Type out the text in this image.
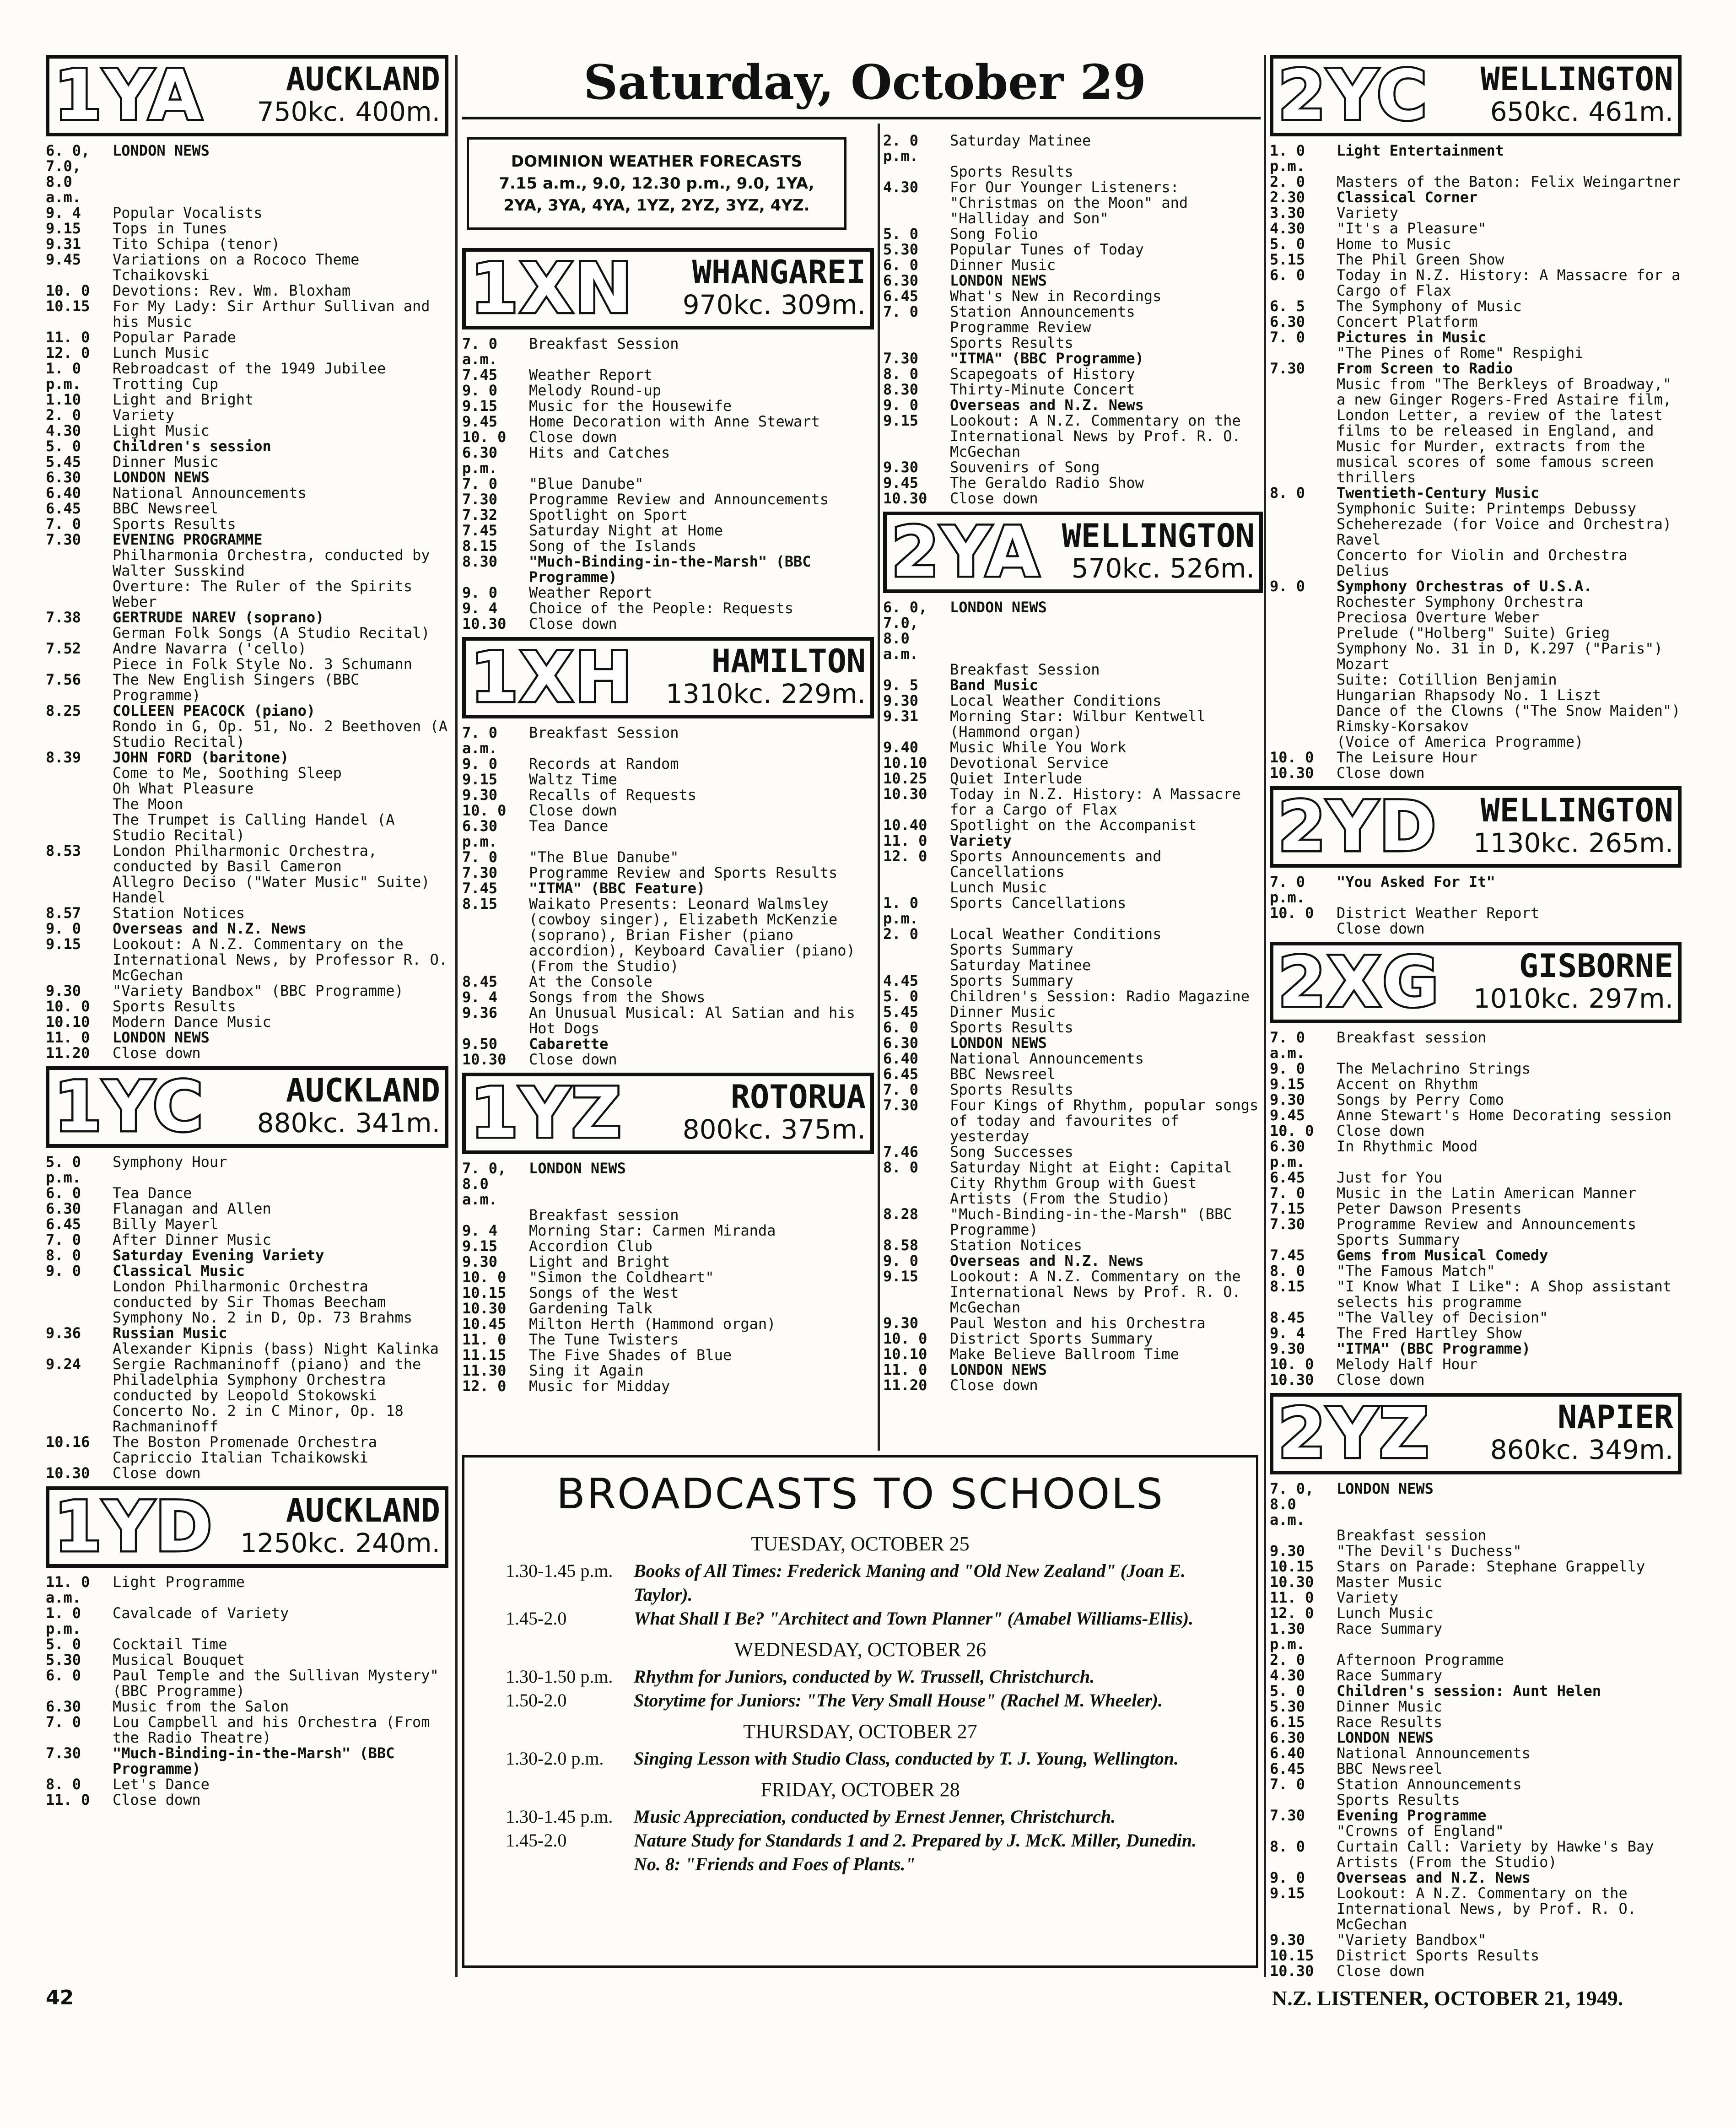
Saturday, October 29
1YA	AUCKLAND
750kc. 400m.
6. 0, 7.0, 8.0 a.m.
LONDON NEWS
9. 4	Popular Vocalists
9.15	Tops in Tunes
9.31	Tito Schipa (tenor)
9.45	Variations on a Rococo Theme Tchaikovski
10. 0	Devotions: Rev. Wm. Bloxham
10.15	For My Lady: Sir Arthur Sullivan and his Music
11. 0	Popular Parade
12. 0	Lunch Music
1. 0 p.m.
Rebroadcast of the 1949 Jubilee Trotting Cup
1.10	Light and Bright
2. 0	Variety
4.30	Light Music
5. 0	Children's session
5.45	Dinner Music
6.30	LONDON NEWS
6.40	National Announcements
6.45	BBC Newsreel
7. 0	Sports Results
7.30	EVENING PROGRAMME
Philharmonia Orchestra, conducted by Walter Susskind
Overture: The Ruler of the Spirits Weber
7.38	GERTRUDE NAREV (soprano)
German Folk Songs (A Studio Recital)
7.52	Andre Navarra ('cello)
Piece in Folk Style No. 3 Schumann
7.56	The New English Singers (BBC Programme)
8.25	COLLEEN PEACOCK (piano)
Rondo in G, Op. 51, No. 2 Beethoven (A Studio Recital)
8.39	JOHN FORD (baritone)
Come to Me, Soothing Sleep
Oh What Pleasure
The Moon
The Trumpet is Calling Handel (A Studio Recital)
8.53	London Philharmonic Orchestra, conducted by Basil Cameron
Allegro Deciso ("Water Music" Suite) Handel
8.57	Station Notices
9. 0	Overseas and N.Z. News
9.15	Lookout: A N.Z. Commentary on the International News, by Professor R. O. McGechan
9.30	"Variety Bandbox" (BBC Programme)
10. 0	Sports Results
10.10	Modern Dance Music
11. 0	LONDON NEWS
11.20	Close down
1YC	AUCKLAND
880kc. 341m.
5. 0 p.m.
Symphony Hour
6. 0	Tea Dance
6.30	Flanagan and Allen
6.45	Billy Mayerl
7. 0	After Dinner Music
8. 0	Saturday Evening Variety
9. 0	Classical Music
London Philharmonic Orchestra conducted by Sir Thomas Beecham
Symphony No. 2 in D, Op. 73 Brahms
9.36	Russian Music
Alexander Kipnis (bass) Night Kalinka
9.24	Sergie Rachmaninoff (piano) and the Philadelphia Symphony Orchestra conducted by Leopold Stokowski
Concerto No. 2 in C Minor, Op. 18 Rachmaninoff
10.16	The Boston Promenade Orchestra
Capriccio Italian Tchaikowski
10.30	Close down
1YD	AUCKLAND
1250kc. 240m.
11. 0 a.m.
Light Programme
1. 0 p.m.
Cavalcade of Variety
5. 0	Cocktail Time
5.30	Musical Bouquet
6. 0	Paul Temple and the Sullivan Mystery" (BBC Programme)
6.30	Music from the Salon
7. 0	Lou Campbell and his Orchestra (From the Radio Theatre)
7.30	"Much-Binding-in-the-Marsh" (BBC Programme)
8. 0	Let's Dance
11. 0	Close down
DOMINION WEATHER FORECASTS
7.15 a.m., 9.0, 12.30 p.m., 9.0, 1YA,
2YA, 3YA, 4YA, 1YZ, 2YZ, 3YZ, 4YZ.
1XN	WHANGAREI
970kc. 309m.
7. 0 a.m.
Breakfast Session
7.45	Weather Report
9. 0	Melody Round-up
9.15	Music for the Housewife
9.45	Home Decoration with Anne Stewart
10. 0	Close down
6.30 p.m.
Hits and Catches
7. 0	"Blue Danube"
7.30	Programme Review and Announcements
7.32	Spotlight on Sport
7.45	Saturday Night at Home
8.15	Song of the Islands
8.30	"Much-Binding-in-the-Marsh" (BBC Programme)
9. 0	Weather Report
9. 4	Choice of the People: Requests
10.30	Close down
1XH	HAMILTON
1310kc. 229m.
7. 0 a.m.
Breakfast Session
9. 0	Records at Random
9.15	Waltz Time
9.30	Recalls of Requests
10. 0	Close down
6.30 p.m.
Tea Dance
7. 0	"The Blue Danube"
7.30	Programme Review and Sports Results
7.45	"ITMA" (BBC Feature)
8.15	Waikato Presents: Leonard Walmsley (cowboy singer), Elizabeth McKenzie (soprano), Brian Fisher (piano accordion), Keyboard Cavalier (piano) (From the Studio)
8.45	At the Console
9. 4	Songs from the Shows
9.36	An Unusual Musical: Al Satian and his Hot Dogs
9.50	Cabarette
10.30	Close down
1YZ	ROTORUA
800kc. 375m.
7. 0, 8.0 a.m.
LONDON NEWS
Breakfast session
9. 4	Morning Star: Carmen Miranda
9.15	Accordion Club
9.30	Light and Bright
10. 0	"Simon the Coldheart"
10.15	Songs of the West
10.30	Gardening Talk
10.45	Milton Herth (Hammond organ)
11. 0	The Tune Twisters
11.15	The Five Shades of Blue
11.30	Sing it Again
12. 0	Music for Midday
2. 0 p.m.
Saturday Matinee
Sports Results
4.30	For Our Younger Listeners: "Christmas on the Moon" and "Halliday and Son"
5. 0	Song Folio
5.30	Popular Tunes of Today
6. 0	Dinner Music
6.30	LONDON NEWS
6.45	What's New in Recordings
7. 0	Station Announcements
Programme Review
Sports Results
7.30	"ITMA" (BBC Programme)
8. 0	Scapegoats of History
8.30	Thirty-Minute Concert
9. 0	Overseas and N.Z. News
9.15	Lookout: A N.Z. Commentary on the International News by Prof. R. O. McGechan
9.30	Souvenirs of Song
9.45	The Geraldo Radio Show
10.30	Close down
2YA WELLINGTON
570kc. 526m.
6. 0, 7.0, 8.0 a.m.
LONDON NEWS
Breakfast Session
9. 5	Band Music
9.30	Local Weather Conditions
9.31	Morning Star: Wilbur Kentwell (Hammond organ)
9.40	Music While You Work
10.10	Devotional Service
10.25	Quiet Interlude
10.30	Today in N.Z. History: A Massacre for a Cargo of Flax
10.40	Spotlight on the Accompanist
11. 0	Variety
12. 0	Sports Announcements and Cancellations
Lunch Music
1. 0 p.m.
Sports Cancellations
2. 0	Local Weather Conditions
Sports Summary
Saturday Matinee
4.45	Sports Summary
5. 0	Children's Session: Radio Magazine
5.45	Dinner Music
6. 0	Sports Results
6.30	LONDON NEWS
6.40	National Announcements
6.45	BBC Newsreel
7. 0	Sports Results
7.30	Four Kings of Rhythm, popular songs of today and favourites of yesterday
7.46	Song Successes
8. 0	Saturday Night at Eight: Capital City Rhythm Group with Guest Artists (From the Studio)
8.28	"Much-Binding-in-the-Marsh" (BBC Programme)
8.58	Station Notices
9. 0	Overseas and N.Z. News
9.15	Lookout: A N.Z. Commentary on the International News by Prof. R. O. McGechan
9.30	Paul Weston and his Orchestra
10. 0	District Sports Summary
10.10	Make Believe Ballroom Time
11. 0	LONDON NEWS
11.20	Close down
2YC	WELLINGTON
650kc. 461m.
1. 0 p.m.
Light Entertainment
2. 0	Masters of the Baton: Felix Weingartner
2.30	Classical Corner
3.30	Variety
4.30	"It's a Pleasure"
5. 0	Home to Music
5.15	The Phil Green Show
6. 0	Today in N.Z. History: A Massacre for a Cargo of Flax
6. 5	The Symphony of Music
6.30	Concert Platform
7. 0	Pictures in Music
"The Pines of Rome" Respighi
7.30	From Screen to Radio
Music from "The Berkleys of Broadway," a new Ginger Rogers-Fred Astaire film, London Letter, a review of the latest films to be released in England, and Music for Murder, extracts from the musical scores of some famous screen thrillers
8. 0	Twentieth-Century Music
Symphonic Suite: Printemps Debussy
Scheherezade (for Voice and Orchestra) Ravel
Concerto for Violin and Orchestra Delius
9. 0	Symphony Orchestras of U.S.A.
Rochester Symphony Orchestra
Preciosa Overture Weber
Prelude ("Holberg" Suite) Grieg
Symphony No. 31 in D, K.297 ("Paris") Mozart
Suite: Cotillion Benjamin
Hungarian Rhapsody No. 1 Liszt
Dance of the Clowns ("The Snow Maiden") Rimsky-Korsakov
(Voice of America Programme)
10. 0	The Leisure Hour
10.30	Close down
2YD	WELLINGTON
1130kc. 265m.
7. 0 p.m.
"You Asked For It"
10. 0	District Weather Report
Close down
2XG	GISBORNE
1010kc. 297m.
7. 0 a.m.
Breakfast session
9. 0	The Melachrino Strings
9.15	Accent on Rhythm
9.30	Songs by Perry Como
9.45	Anne Stewart's Home Decorating session
10. 0	Close down
6.30 p.m.
In Rhythmic Mood
6.45	Just for You
7. 0	Music in the Latin American Manner
7.15	Peter Dawson Presents
7.30	Programme Review and Announcements
Sports Summary
7.45	Gems from Musical Comedy
8. 0	"The Famous Match"
8.15	"I Know What I Like": A Shop assistant selects his programme
8.45	"The Valley of Decision"
9. 4	The Fred Hartley Show
9.30	"ITMA" (BBC Programme)
10. 0	Melody Half Hour
10.30	Close down
2YZ	NAPIER
860kc. 349m.
7. 0, 8.0 a.m.
LONDON NEWS
Breakfast session
9.30	"The Devil's Duchess"
10.15	Stars on Parade: Stephane Grappelly
10.30	Master Music
11. 0	Variety
12. 0	Lunch Music
1.30 p.m.
Race Summary
2. 0	Afternoon Programme
4.30	Race Summary
5. 0	Children's session: Aunt Helen
5.30	Dinner Music
6.15	Race Results
6.30	LONDON NEWS
6.40	National Announcements
6.45	BBC Newsreel
7. 0	Station Announcements
Sports Results
7.30	Evening Programme
"Crowns of England"
8. 0	Curtain Call: Variety by Hawke's Bay Artists (From the Studio)
9. 0	Overseas and N.Z. News
9.15	Lookout: A N.Z. Commentary on the International News, by Prof. R. O. McGechan
9.30	"Variety Bandbox"
10.15	District Sports Results
10.30	Close down
BROADCASTS TO SCHOOLS
TUESDAY, OCTOBER 25
1.30-1.45 p.m.	Books of All Times: Frederick Maning and "Old New Zealand" (Joan E. Taylor).
1.45-2.0	What Shall I Be? "Architect and Town Planner" (Amabel Williams-Ellis).
WEDNESDAY, OCTOBER 26
1.30-1.50 p.m.	Rhythm for Juniors, conducted by W. Trussell, Christchurch.
1.50-2.0	Storytime for Juniors: "The Very Small House" (Rachel M. Wheeler).
THURSDAY, OCTOBER 27
1.30-2.0 p.m.	Singing Lesson with Studio Class, conducted by T. J. Young, Wellington.
FRIDAY, OCTOBER 28
1.30-1.45 p.m.	Music Appreciation, conducted by Ernest Jenner, Christchurch.
1.45-2.0	Nature Study for Standards 1 and 2. Prepared by J. McK. Miller, Dunedin. No. 8: "Friends and Foes of Plants."
42	N.Z. LISTENER, OCTOBER 21, 1949.
